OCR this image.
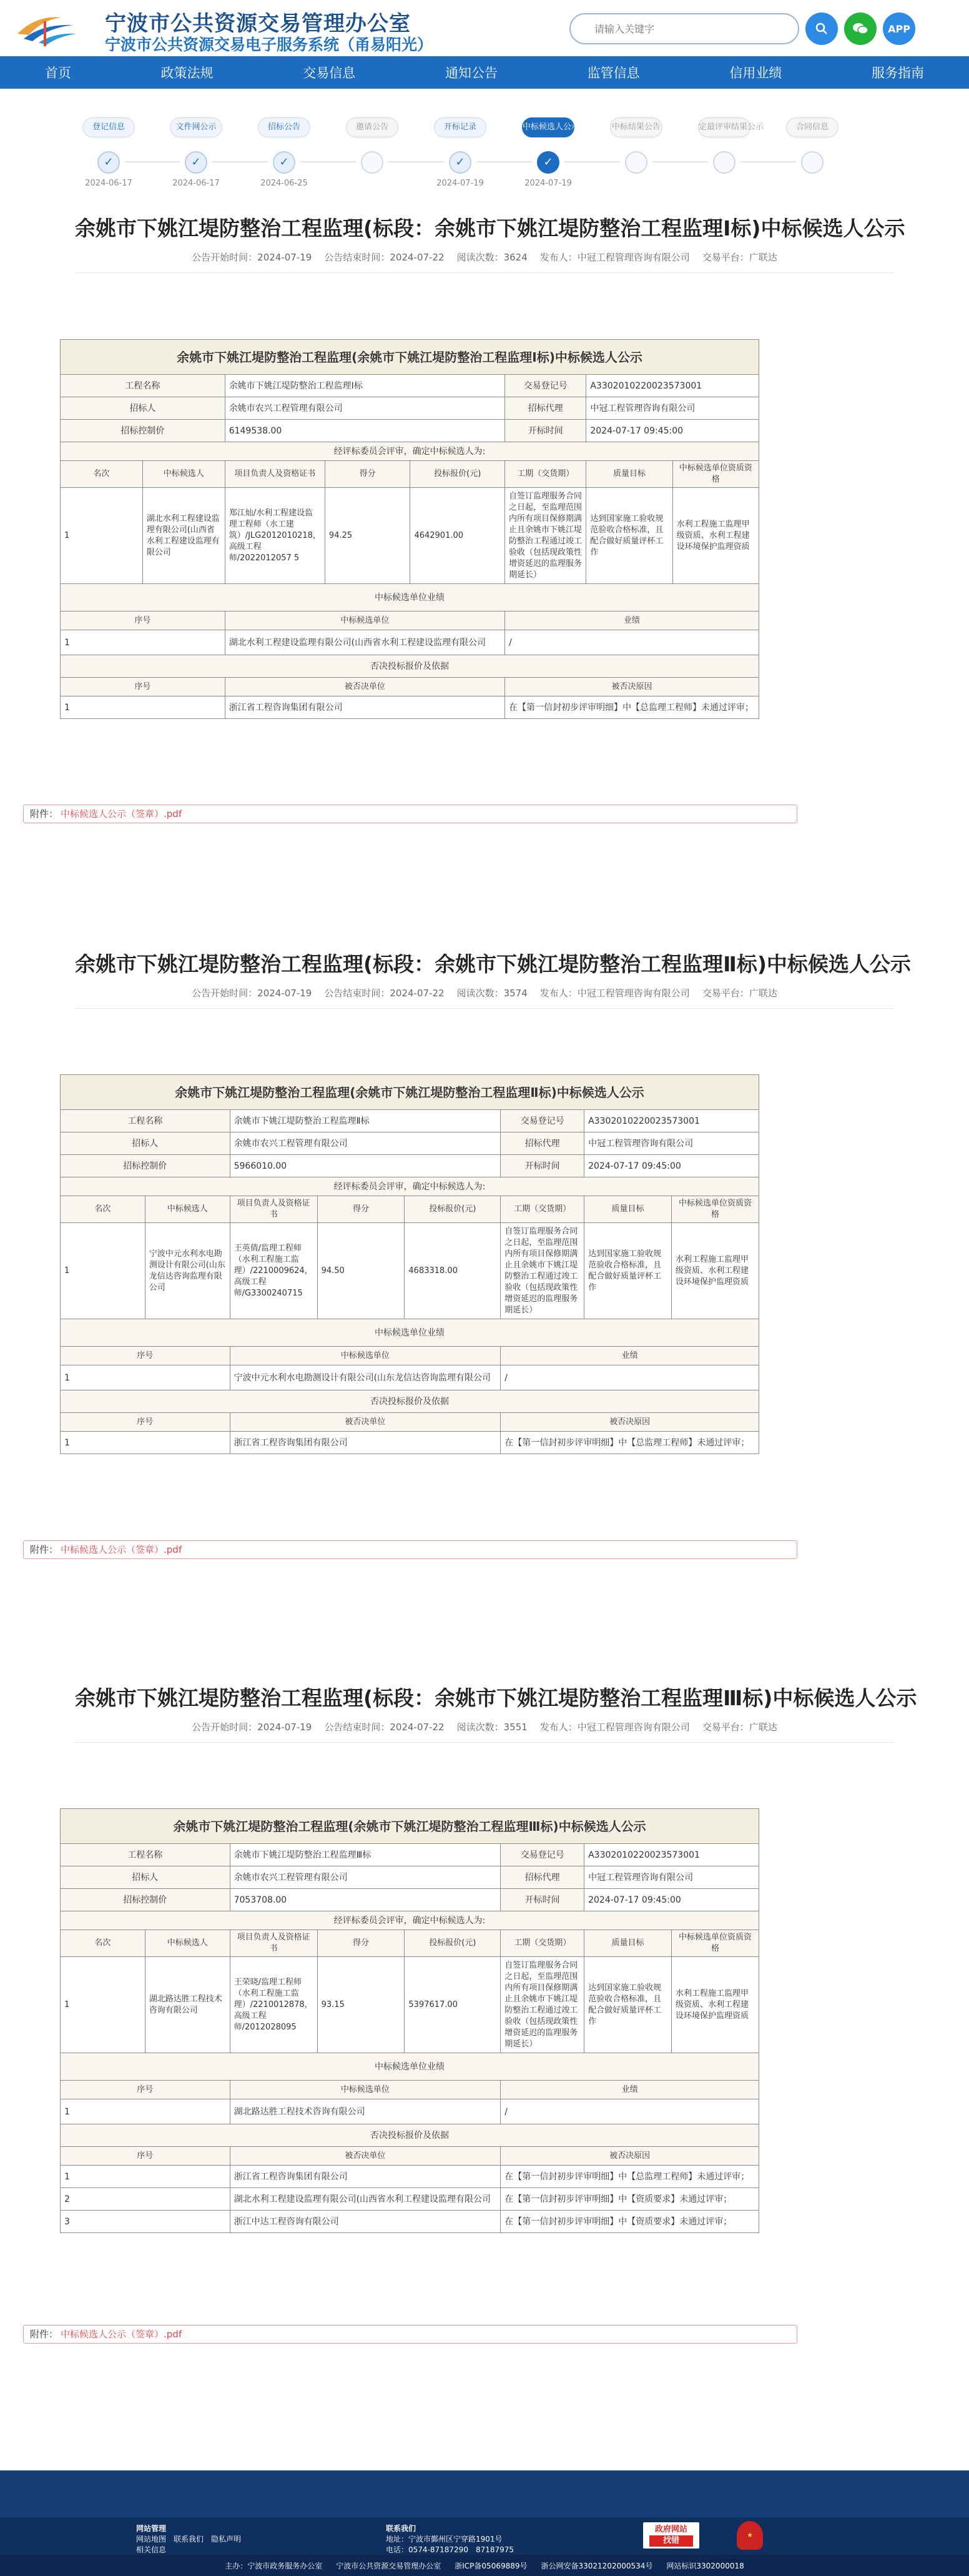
宁波市公共资源交易管理办公室
宁波市公共资源交易电子服务系统（甬易阳光）
请输入关键字
APP
首页	政策法规	交易信息	通知公告	监管信息	信用业绩	服务指南
登记信息
✓
2024-06-17
文件网公示
✓
2024-06-17
招标公告
✓
2024-06-25
邀请公告	开标记录
✓
2024-07-19
中标候选人公示
✓
2024-07-19
中标结果公告	定最评审结果公示	合同信息
余姚市下姚江堤防整治工程监理(标段：余姚市下姚江堤防整治工程监理Ⅰ标)中标候选人公示
公告开始时间：2024-07-19 公告结束时间：2024-07-22 阅读次数：3624 发布人：中冠工程管理咨询有限公司 交易平台：广联达
余姚市下姚江堤防整治工程监理(余姚市下姚江堤防整治工程监理Ⅰ标)中标候选人公示							
工程名称		余姚市下姚江堤防整治工程监理Ⅰ标			交易登记号	A3302010220023573001	
招标人		余姚市农兴工程管理有限公司			招标代理	中冠工程管理咨询有限公司	
招标控制价		6149538.00			开标时间	2024-07-17 09:45:00	
经评标委员会评审，确定中标候选人为:							
名次	中标候选人	项目负责人及资格证书	得分	投标报价(元)	工期（交货期）	质量目标	中标候选单位资质资格
1	湖北水利工程建设监理有限公司(山西省水利工程建设监理有限公司	郑江灿/水利工程建设监理工程师（水工建筑）/JLG2012010218，高级工程师/2022012057 5	94.25	4642901.00	自签订监理服务合同之日起，至监理范围内所有项目保修期满止且余姚市下姚江堤防整治工程通过竣工验收（包括现政策性增资延迟的监理服务期延长）	达到国家施工验收规范验收合格标准，且配合做好质量评杯工作	水利工程施工监理甲级资质、水利工程建设环境保护监理资质
中标候选单位业绩							
序号		中标候选单位			业绩		
1		湖北水利工程建设监理有限公司(山西省水利工程建设监理有限公司			/		
否决投标报价及依据							
序号		被否决单位			被否决原因		
1		浙江省工程咨询集团有限公司			在【第一信封初步评审明细】中【总监理工程师】未通过评审；		
附件： 中标候选人公示（签章）.pdf
余姚市下姚江堤防整治工程监理(标段：余姚市下姚江堤防整治工程监理Ⅱ标)中标候选人公示
公告开始时间：2024-07-19 公告结束时间：2024-07-22 阅读次数：3574 发布人：中冠工程管理咨询有限公司 交易平台：广联达
余姚市下姚江堤防整治工程监理(余姚市下姚江堤防整治工程监理Ⅱ标)中标候选人公示							
工程名称		余姚市下姚江堤防整治工程监理Ⅱ标			交易登记号	A3302010220023573001	
招标人		余姚市农兴工程管理有限公司			招标代理	中冠工程管理咨询有限公司	
招标控制价		5966010.00			开标时间	2024-07-17 09:45:00	
经评标委员会评审，确定中标候选人为:							
名次	中标候选人	项目负责人及资格证书	得分	投标报价(元)	工期（交货期）	质量目标	中标候选单位资质资格
1	宁波中元水利水电勘测设计有限公司(山东龙信达咨询监理有限公司	王英倩/监理工程师（水利工程施工监理）/2210009624，高级工程师/G3300240715	94.50	4683318.00	自签订监理服务合同之日起，至监理范围内所有项目保修期满止且余姚市下姚江堤防整治工程通过竣工验收（包括现政策性增资延迟的监理服务期延长）	达到国家施工验收规范验收合格标准，且配合做好质量评杯工作	水利工程施工监理甲级资质、水利工程建设环境保护监理资质
中标候选单位业绩							
序号		中标候选单位			业绩		
1		宁波中元水利水电勘测设计有限公司(山东龙信达咨询监理有限公司			/		
否决投标报价及依据							
序号		被否决单位			被否决原因		
1		浙江省工程咨询集团有限公司			在【第一信封初步评审明细】中【总监理工程师】未通过评审；		
附件： 中标候选人公示（签章）.pdf
余姚市下姚江堤防整治工程监理(标段：余姚市下姚江堤防整治工程监理Ⅲ标)中标候选人公示
公告开始时间：2024-07-19 公告结束时间：2024-07-22 阅读次数：3551 发布人：中冠工程管理咨询有限公司 交易平台：广联达
余姚市下姚江堤防整治工程监理(余姚市下姚江堤防整治工程监理Ⅲ标)中标候选人公示							
工程名称		余姚市下姚江堤防整治工程监理Ⅲ标			交易登记号	A3302010220023573001	
招标人		余姚市农兴工程管理有限公司			招标代理	中冠工程管理咨询有限公司	
招标控制价		7053708.00			开标时间	2024-07-17 09:45:00	
经评标委员会评审，确定中标候选人为:							
名次	中标候选人	项目负责人及资格证书	得分	投标报价(元)	工期（交货期）	质量目标	中标候选单位资质资格
1	湖北路达胜工程技术咨询有限公司	王荣晓/监理工程师（水利工程施工监理）/2210012878，高级工程师/2012028095	93.15	5397617.00	自签订监理服务合同之日起，至监理范围内所有项目保修期满止且余姚市下姚江堤防整治工程通过竣工验收（包括现政策性增资延迟的监理服务期延长）	达到国家施工验收规范验收合格标准，且配合做好质量评杯工作	水利工程施工监理甲级资质、水利工程建设环境保护监理资质
中标候选单位业绩							
序号		中标候选单位			业绩		
1		湖北路达胜工程技术咨询有限公司			/		
否决投标报价及依据							
序号		被否决单位			被否决原因		
1		浙江省工程咨询集团有限公司			在【第一信封初步评审明细】中【总监理工程师】未通过评审；		
2		湖北水利工程建设监理有限公司(山西省水利工程建设监理有限公司			在【第一信封初步评审明细】中【资质要求】未通过评审；		
3		浙江中达工程咨询有限公司			在【第一信封初步评审明细】中【资质要求】未通过评审；		
附件： 中标候选人公示（签章）.pdf
网站管理
网站地图　联系我们　隐私声明
相关信息
联系我们
地址：宁波市鄞州区宁穿路1901号
电话：0574-87187290　87187975
政府网站
找错
★
主办：宁波市政务服务办公室 宁波市公共资源交易管理办公室 浙ICP备05069889号 浙公网安备33021202000534号 网站标识3302000018
